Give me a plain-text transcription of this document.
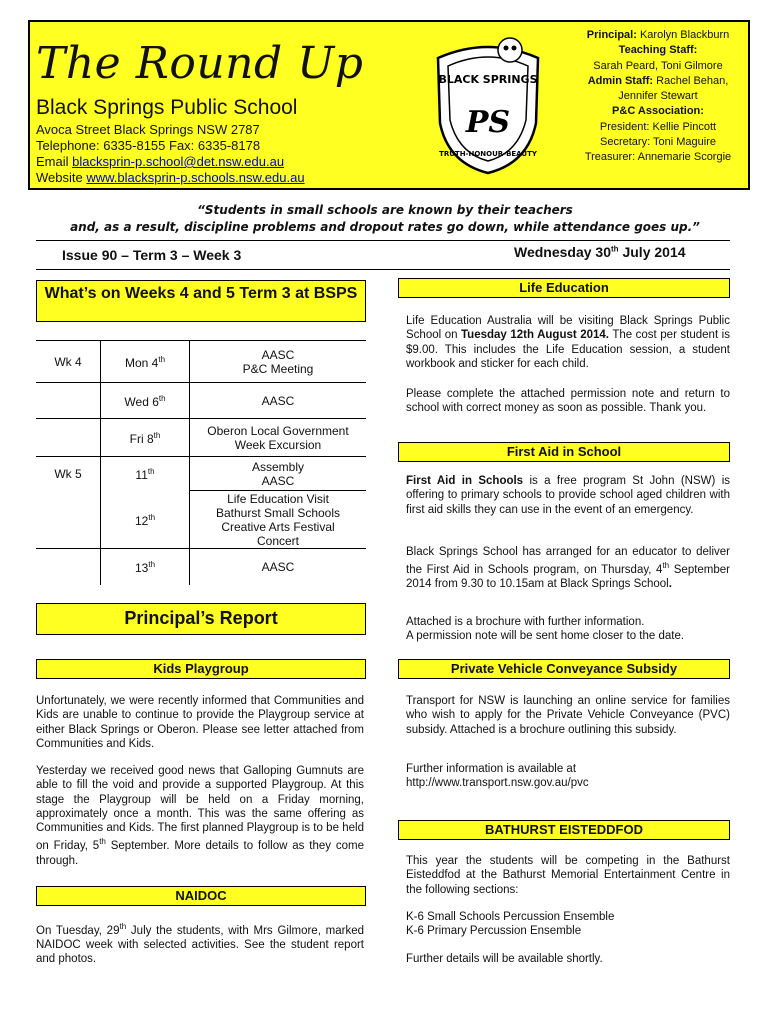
The Round Up
Black Springs Public School
Avoca Street Black Springs NSW 2787
Telephone: 6335-8155 Fax: 6335-8178
Email blacksprin-p.school@det.nsw.edu.au
Website www.blacksprin-p.schools.nsw.edu.au
BLACK SPRINGS
PS
TRUTH-HONOUR-BEAUTY
Principal: Karolyn Blackburn
Teaching Staff:
Sarah Peard, Toni Gilmore
Admin Staff: Rachel Behan, Jennifer Stewart
P&C Association:
President: Kellie Pincott
Secretary: Toni Maguire
Treasurer: Annemarie Scorgie
“Students in small schools are known by their teachers
and, as a result, discipline problems and dropout rates go down, while attendance goes up.”
Issue 90 – Term 3 – Week 3	Wednesday 30th July 2014
What’s on Weeks 4 and 5 Term 3 at BSPS
Wk 4	Mon 4th	AASC
P&C Meeting
	Wed 6th	AASC
	Fri 8th	Oberon Local Government Week Excursion
Wk 5	11th	Assembly
AASC
	12th	Life Education Visit
Bathurst Small Schools Creative Arts Festival Concert
	13th	AASC
Principal’s Report
Kids Playgroup
Unfortunately, we were recently informed that Communities and Kids are unable to continue to provide the Playgroup service at either Black Springs or Oberon. Please see letter attached from Communities and Kids.
Yesterday we received good news that Galloping Gumnuts are able to fill the void and provide a supported Playgroup. At this stage the Playgroup will be held on a Friday morning, approximately once a month. This was the same offering as Communities and Kids. The first planned Playgroup is to be held on Friday, 5th September. More details to follow as they come through.
NAIDOC
On Tuesday, 29th July the students, with Mrs Gilmore, marked NAIDOC week with selected activities. See the student report and photos.
Life Education
Life Education Australia will be visiting Black Springs Public School on Tuesday 12th August 2014. The cost per student is $9.00. This includes the Life Education session, a student workbook and sticker for each child.
Please complete the attached permission note and return to school with correct money as soon as possible. Thank you.
First Aid in School
First Aid in Schools is a free program St John (NSW) is offering to primary schools to provide school aged children with first aid skills they can use in the event of an emergency.
Black Springs School has arranged for an educator to deliver the First Aid in Schools program, on Thursday, 4th September 2014 from 9.30 to 10.15am at Black Springs School.
Attached is a brochure with further information.
A permission note will be sent home closer to the date.
Private Vehicle Conveyance Subsidy
Transport for NSW is launching an online service for families who wish to apply for the Private Vehicle Conveyance (PVC) subsidy. Attached is a brochure outlining this subsidy.
Further information is available at
http://www.transport.nsw.gov.au/pvc
BATHURST EISTEDDFOD
This year the students will be competing in the Bathurst Eisteddfod at the Bathurst Memorial Entertainment Centre in the following sections:
K-6 Small Schools Percussion Ensemble
K-6 Primary Percussion Ensemble
Further details will be available shortly.
